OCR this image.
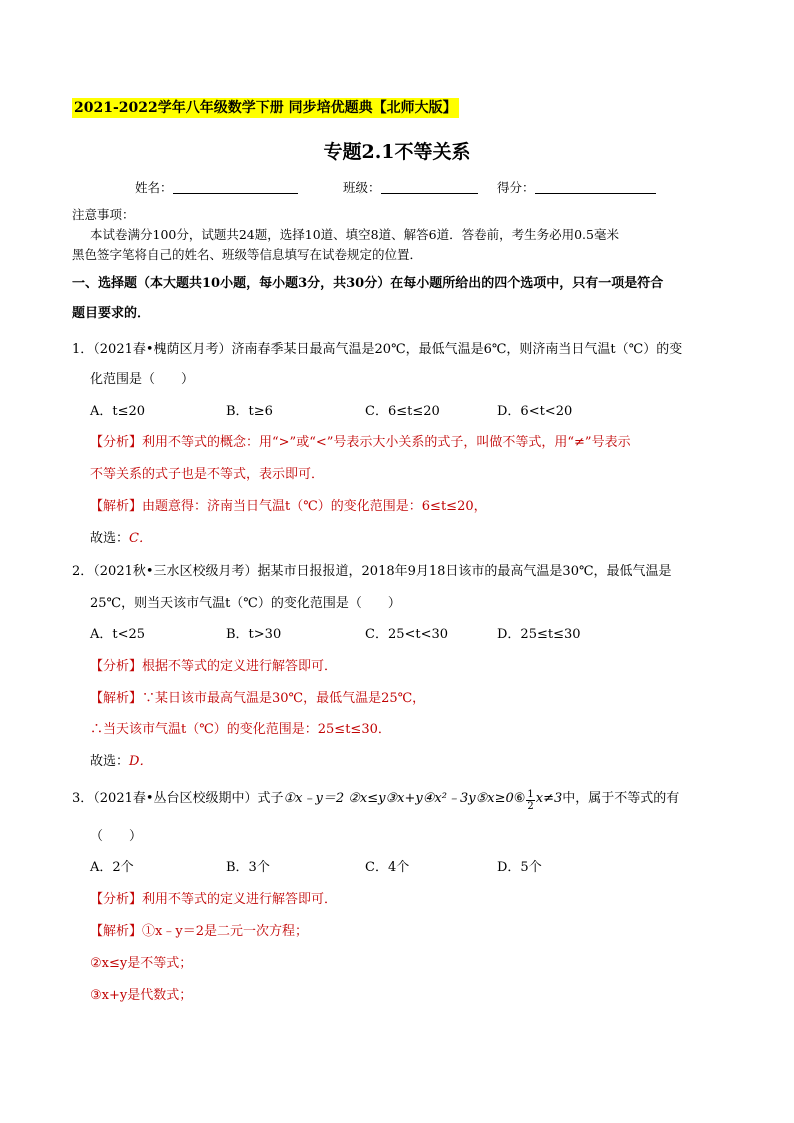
2021-2022学年八年级数学下册 同步培优题典【北师大版】
专题2.1不等关系
姓名：	班级：	得分：
注意事项：
本试卷满分100分，试题共24题，选择10道、填空8道、解答6道．答卷前，考生务必用0.5毫米
黑色签字笔将自己的姓名、班级等信息填写在试卷规定的位置．
一、选择题（本大题共10小题，每小题3分，共30分）在每小题所给出的四个选项中，只有一项是符合
题目要求的．
1．（2021春•槐荫区月考）济南春季某日最高气温是20℃，最低气温是6℃，则济南当日气温t（℃）的变
化范围是（　　）
A．t≤20	B．t≥6	C．6≤t≤20	D．6<t<20
【分析】利用不等式的概念：用“>”或“<”号表示大小关系的式子，叫做不等式，用“≠”号表示
不等关系的式子也是不等式，表示即可．
【解析】由题意得：济南当日气温t（℃）的变化范围是：6≤t≤20，
故选：C．
2．（2021秋•三水区校级月考）据某市日报报道，2018年9月18日该市的最高气温是30℃，最低气温是
25℃，则当天该市气温t（℃）的变化范围是（　　）
A．t<25	B．t>30	C．25<t<30	D．25≤t≤30
【分析】根据不等式的定义进行解答即可．
【解析】∵某日该市最高气温是30℃，最低气温是25℃，
∴当天该市气温t（℃）的变化范围是：25≤t≤30．
故选：D．
3．（2021春•丛台区校级期中）式子①x﹣y＝2 ②x≤y③x+y④x²﹣3y⑤x≥0⑥ $\frac{1}{2} x\ne 3$中，属于不等式的有
（　　）
A．2个	B．3个	C．4个	D．5个
【分析】利用不等式的定义进行解答即可．
【解析】①x﹣y＝2是二元一次方程；
②x≤y是不等式；
③x+y是代数式；
